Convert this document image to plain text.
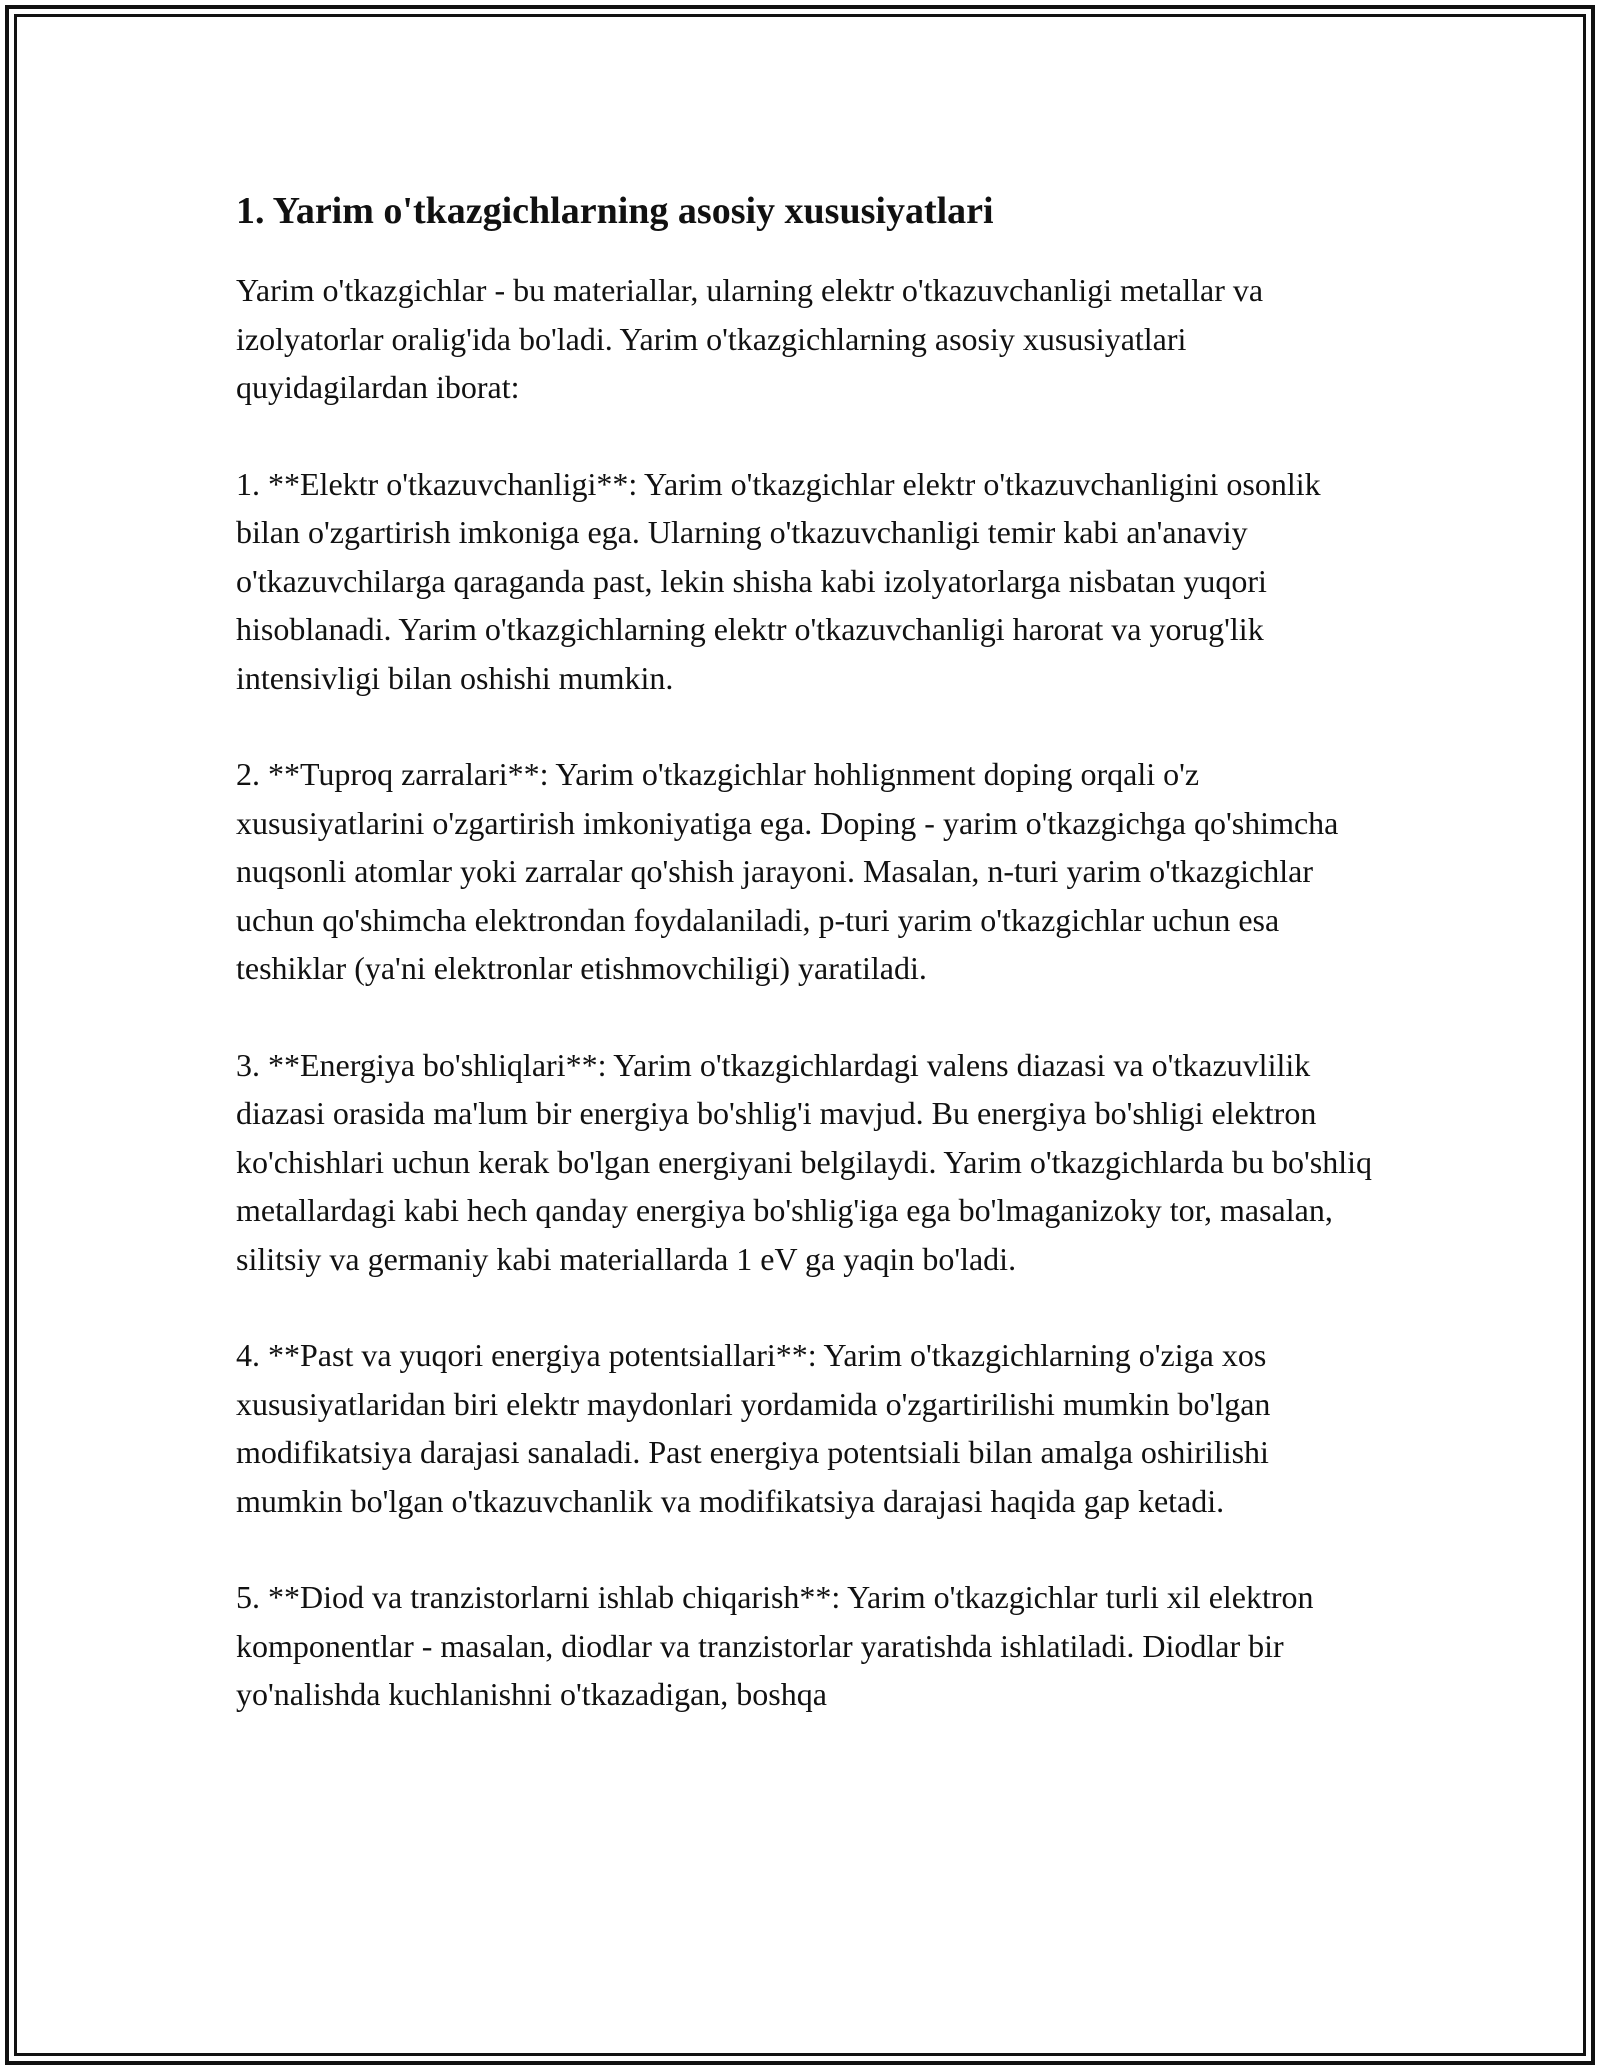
1. Yarim o'tkazgichlarning asosiy xususiyatlari

Yarim o'tkazgichlar - bu materiallar, ularning elektr o'tkazuvchanligi metallar va izolyatorlar oralig'ida bo'ladi. Yarim o'tkazgichlarning asosiy xususiyatlari quyidagilardan iborat:

1. **Elektr o'tkazuvchanligi**: Yarim o'tkazgichlar elektr o'tkazuvchanligini osonlik bilan o'zgartirish imkoniga ega. Ularning o'tkazuvchanligi temir kabi an'anaviy o'tkazuvchilarga qaraganda past, lekin shisha kabi izolyatorlarga nisbatan yuqori hisoblanadi. Yarim o'tkazgichlarning elektr o'tkazuvchanligi harorat va yorug'lik intensivligi bilan oshishi mumkin.

2. **Tuproq zarralari**: Yarim o'tkazgichlar hohlignment doping orqali o'z xususiyatlarini o'zgartirish imkoniyatiga ega. Doping - yarim o'tkazgichga qo'shimcha nuqsonli atomlar yoki zarralar qo'shish jarayoni. Masalan, n-turi yarim o'tkazgichlar uchun qo'shimcha elektrondan foydalaniladi, p-turi yarim o'tkazgichlar uchun esa teshiklar (ya'ni elektronlar etishmovchiligi) yaratiladi.

3. **Energiya bo'shliqlari**: Yarim o'tkazgichlardagi valens diazasi va o'tkazuvlilik diazasi orasida ma'lum bir energiya bo'shlig'i mavjud. Bu energiya bo'shligi elektron ko'chishlari uchun kerak bo'lgan energiyani belgilaydi. Yarim o'tkazgichlarda bu bo'shliq metallardagi kabi hech qanday energiya bo'shlig'iga ega bo'lmaganizoky tor, masalan, silitsiy va germaniy kabi materiallarda 1 eV ga yaqin bo'ladi.

4. **Past va yuqori energiya potentsiallari**: Yarim o'tkazgichlarning o'ziga xos xususiyatlaridan biri elektr maydonlari yordamida o'zgartirilishi mumkin bo'lgan modifikatsiya darajasi sanaladi. Past energiya potentsiali bilan amalga oshirilishi mumkin bo'lgan o'tkazuvchanlik va modifikatsiya darajasi haqida gap ketadi.

5. **Diod va tranzistorlarni ishlab chiqarish**: Yarim o'tkazgichlar turli xil elektron komponentlar - masalan, diodlar va tranzistorlar yaratishda ishlatiladi. Diodlar bir yo'nalishda kuchlanishni o'tkazadigan, boshqa
